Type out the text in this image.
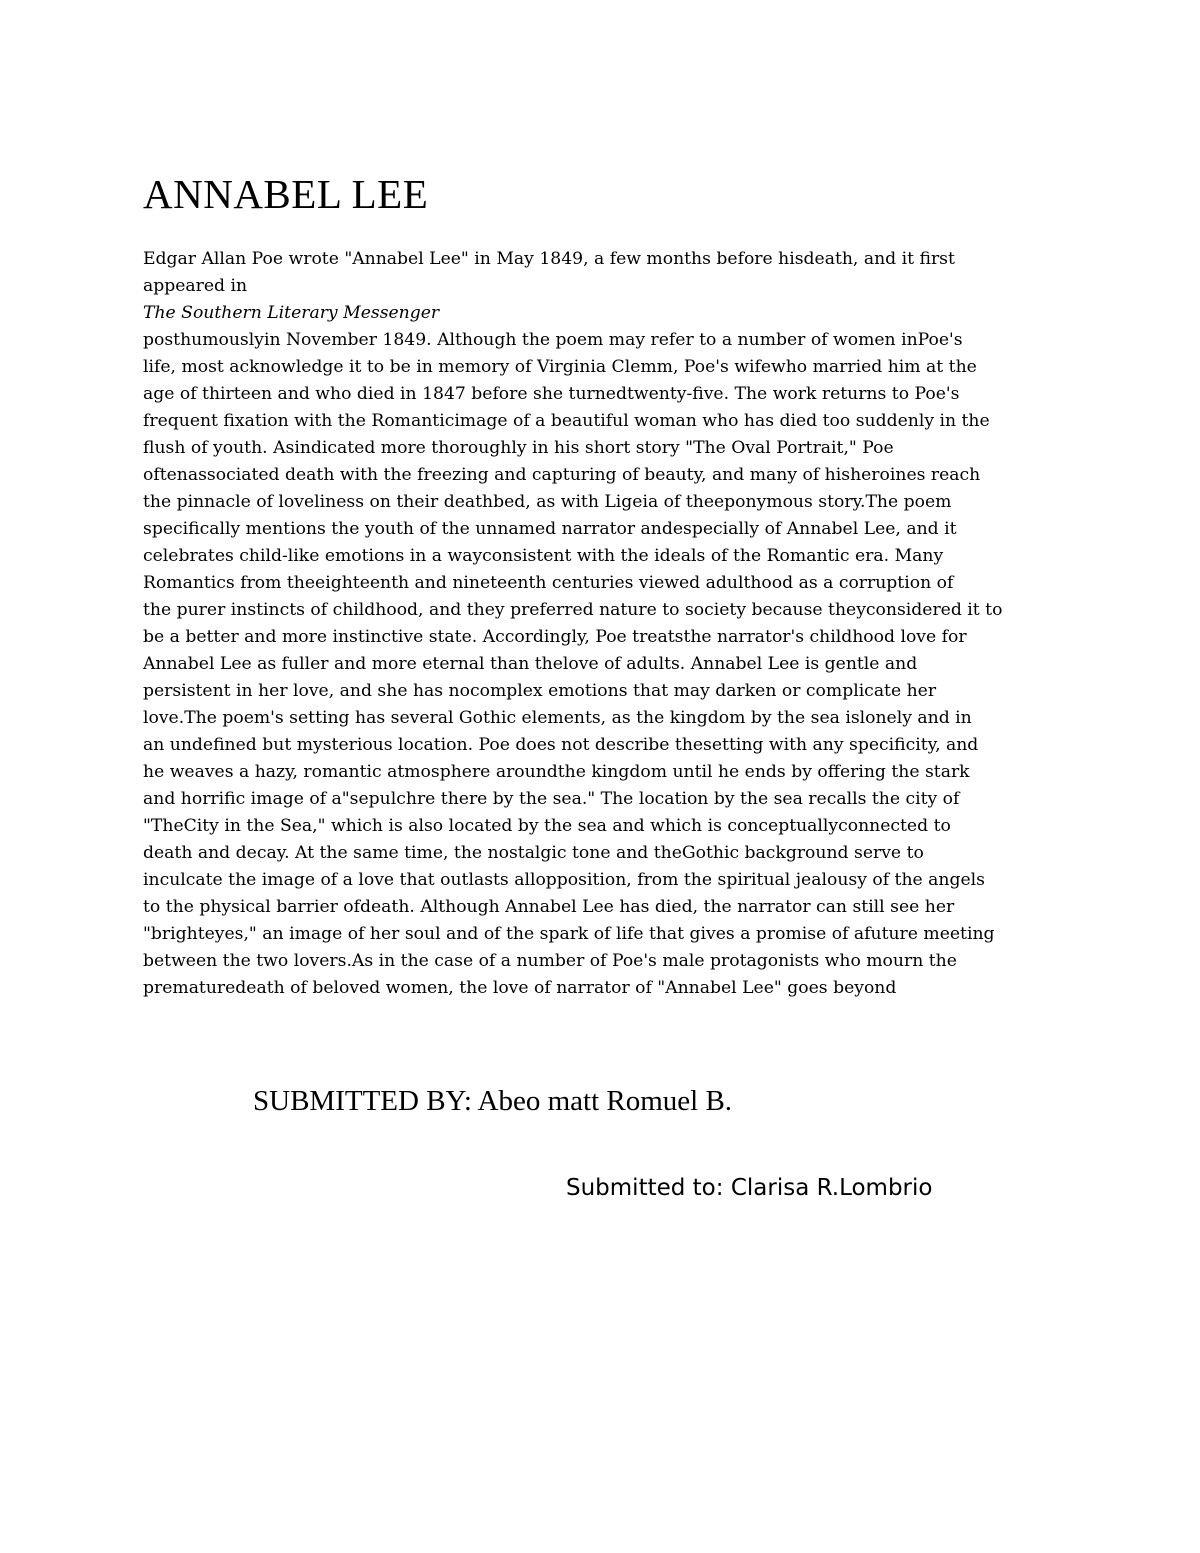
ANNABEL LEE
Edgar Allan Poe wrote "Annabel Lee" in May 1849, a few months before hisdeath, and it first
appeared in
The Southern Literary Messenger
posthumouslyin November 1849. Although the poem may refer to a number of women inPoe's
life, most acknowledge it to be in memory of Virginia Clemm, Poe's wifewho married him at the
age of thirteen and who died in 1847 before she turnedtwenty-five. The work returns to Poe's
frequent fixation with the Romanticimage of a beautiful woman who has died too suddenly in the
flush of youth. Asindicated more thoroughly in his short story "The Oval Portrait," Poe
oftenassociated death with the freezing and capturing of beauty, and many of hisheroines reach
the pinnacle of loveliness on their deathbed, as with Ligeia of theeponymous story.The poem
specifically mentions the youth of the unnamed narrator andespecially of Annabel Lee, and it
celebrates child-like emotions in a wayconsistent with the ideals of the Romantic era. Many
Romantics from theeighteenth and nineteenth centuries viewed adulthood as a corruption of
the purer instincts of childhood, and they preferred nature to society because theyconsidered it to
be a better and more instinctive state. Accordingly, Poe treatsthe narrator's childhood love for
Annabel Lee as fuller and more eternal than thelove of adults. Annabel Lee is gentle and
persistent in her love, and she has nocomplex emotions that may darken or complicate her
love.The poem's setting has several Gothic elements, as the kingdom by the sea islonely and in
an undefined but mysterious location. Poe does not describe thesetting with any specificity, and
he weaves a hazy, romantic atmosphere aroundthe kingdom until he ends by offering the stark
and horrific image of a"sepulchre there by the sea." The location by the sea recalls the city of
"TheCity in the Sea," which is also located by the sea and which is conceptuallyconnected to
death and decay. At the same time, the nostalgic tone and theGothic background serve to
inculcate the image of a love that outlasts allopposition, from the spiritual jealousy of the angels
to the physical barrier ofdeath. Although Annabel Lee has died, the narrator can still see her
"brighteyes," an image of her soul and of the spark of life that gives a promise of afuture meeting
between the two lovers.As in the case of a number of Poe's male protagonists who mourn the
prematuredeath of beloved women, the love of narrator of "Annabel Lee" goes beyond
SUBMITTED BY: Abeo matt Romuel B.
Submitted to: Clarisa R.Lombrio
